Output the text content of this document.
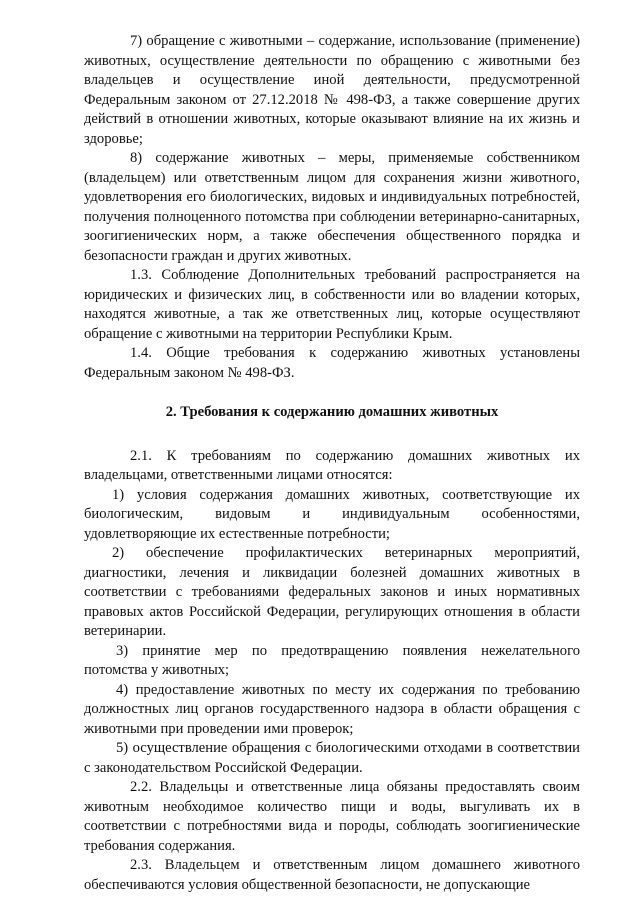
7) обращение с животными – содержание, использование (применение) животных, осуществление деятельности по обращению с животными без владельцев и осуществление иной деятельности, предусмотренной Федеральным законом от 27.12.2018 № 498-ФЗ, а также совершение других действий в отношении животных, которые оказывают влияние на их жизнь и здоровье;

8) содержание животных – меры, применяемые собственником (владельцем) или ответственным лицом для сохранения жизни животного, удовлетворения его биологических, видовых и индивидуальных потребностей, получения полноценного потомства при соблюдении ветеринарно-санитарных, зоогигиенических норм, а также обеспечения общественного порядка и безопасности граждан и других животных.

1.3. Соблюдение Дополнительных требований распространяется на юридических и физических лиц, в собственности или во владении которых, находятся животные, а так же ответственных лиц, которые осуществляют обращение с животными на территории Республики Крым.

1.4. Общие требования к содержанию животных установлены Федеральным законом № 498-ФЗ.

2. Требования к содержанию домашних животных

2.1. К требованиям по содержанию домашних животных их владельцами, ответственными лицами относятся:

1) условия содержания домашних животных, соответствующие их биологическим, видовым и индивидуальным особенностями, удовлетворяющие их естественные потребности;

2) обеспечение профилактических ветеринарных мероприятий, диагностики, лечения и ликвидации болезней домашних животных в соответствии с требованиями федеральных законов и иных нормативных правовых актов Российской Федерации, регулирующих отношения в области ветеринарии.

3) принятие мер по предотвращению появления нежелательного потомства у животных;

4) предоставление животных по месту их содержания по требованию должностных лиц органов государственного надзора в области обращения с животными при проведении ими проверок;

5) осуществление обращения с биологическими отходами в соответствии с законодательством Российской Федерации.

2.2. Владельцы и ответственные лица обязаны предоставлять своим животным необходимое количество пищи и воды, выгуливать их в соответствии с потребностями вида и породы, соблюдать зоогигиенические требования содержания.

2.3. Владельцем и ответственным лицом домашнего животного обеспечиваются условия общественной безопасности, не допускающие
